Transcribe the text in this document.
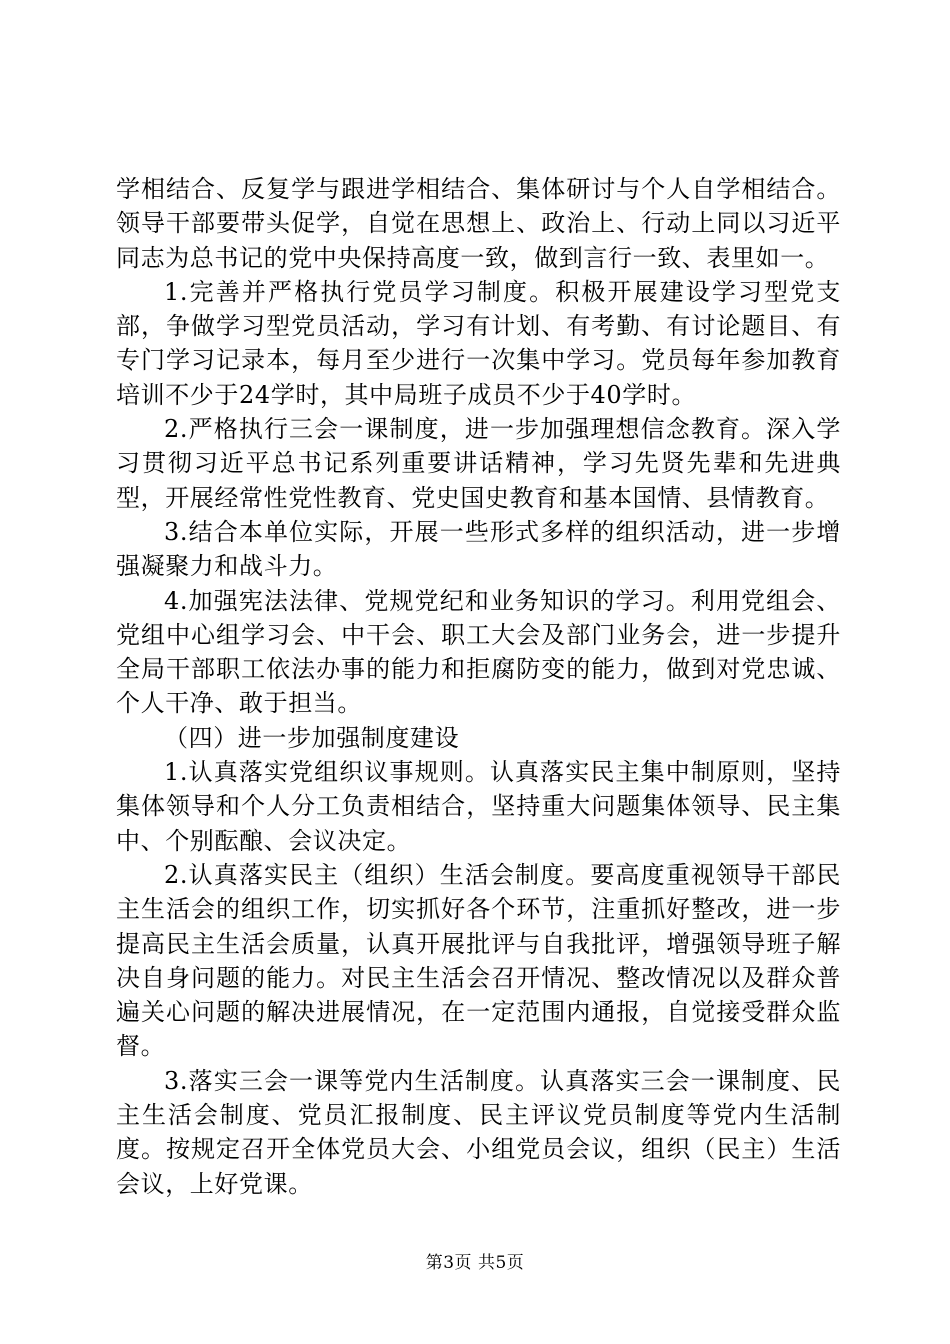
学相结合、反复学与跟进学相结合、集体研讨与个人自学相结合。领导干部要带头促学，自觉在思想上、政治上、行动上同以习近平同志为总书记的党中央保持高度一致，做到言行一致、表里如一。

1.完善并严格执行党员学习制度。积极开展建设学习型党支部，争做学习型党员活动，学习有计划、有考勤、有讨论题目、有专门学习记录本，每月至少进行一次集中学习。党员每年参加教育培训不少于24学时，其中局班子成员不少于40学时。

2.严格执行三会一课制度，进一步加强理想信念教育。深入学习贯彻习近平总书记系列重要讲话精神，学习先贤先辈和先进典型，开展经常性党性教育、党史国史教育和基本国情、县情教育。

3.结合本单位实际，开展一些形式多样的组织活动，进一步增强凝聚力和战斗力。

4.加强宪法法律、党规党纪和业务知识的学习。利用党组会、党组中心组学习会、中干会、职工大会及部门业务会，进一步提升全局干部职工依法办事的能力和拒腐防变的能力，做到对党忠诚、个人干净、敢于担当。

（四）进一步加强制度建设

1.认真落实党组织议事规则。认真落实民主集中制原则，坚持集体领导和个人分工负责相结合，坚持重大问题集体领导、民主集中、个别酝酿、会议决定。

2.认真落实民主（组织）生活会制度。要高度重视领导干部民主生活会的组织工作，切实抓好各个环节，注重抓好整改，进一步提高民主生活会质量，认真开展批评与自我批评，增强领导班子解决自身问题的能力。对民主生活会召开情况、整改情况以及群众普遍关心问题的解决进展情况，在一定范围内通报，自觉接受群众监督。

3.落实三会一课等党内生活制度。认真落实三会一课制度、民主生活会制度、党员汇报制度、民主评议党员制度等党内生活制度。按规定召开全体党员大会、小组党员会议，组织（民主）生活会议，上好党课。

第3页 共5页
